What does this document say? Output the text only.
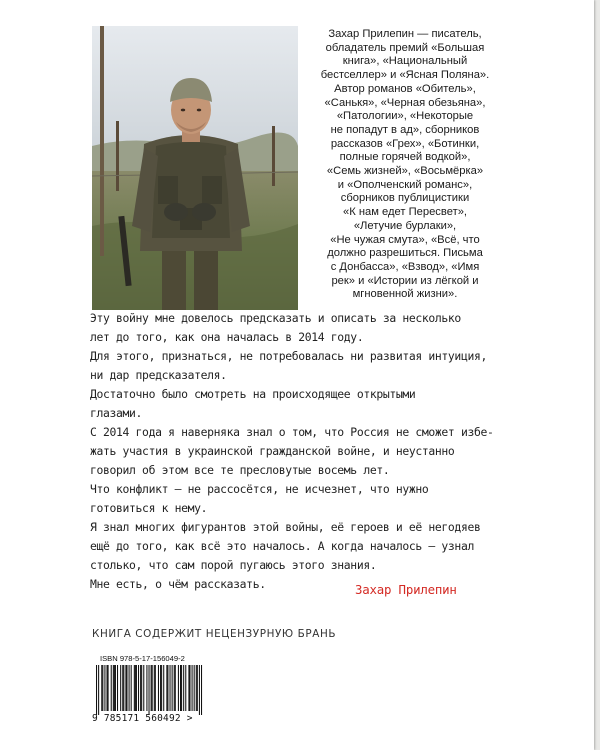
Захар Прилепин — писатель,
обладатель премий «Большая
книга», «Национальный
бестселлер» и «Ясная Поляна».
Автор романов «Обитель»,
«Санькя», «Черная обезьяна»,
«Патологии», «Некоторые
не попадут в ад», сборников
рассказов «Грех», «Ботинки,
полные горячей водкой»,
«Семь жизней», «Восьмёрка»
и «Ополченский романс»,
сборников публицистики
«К нам едет Пересвет»,
«Летучие бурлаки»,
«Не чужая смута», «Всё, что
должно разрешиться. Письма
с Донбасса», «Взвод», «Имя
рек» и «Истории из лёгкой и
мгновенной жизни».
Эту войну мне довелось предсказать и описать за несколько
лет до того, как она началась в 2014 году.
Для этого, признаться, не потребовалась ни развитая интуиция,
ни дар предсказателя.
Достаточно было смотреть на происходящее открытыми
глазами.
С 2014 года я наверняка знал о том, что Россия не сможет избе-
жать участия в украинской гражданской войне, и неустанно
говорил об этом все те пресловутые восемь лет.
Что конфликт — не рассосётся, не исчезнет, что нужно
готовиться к нему.
Я знал многих фигурантов этой войны, её героев и её негодяев
ещё до того, как всё это началось. А когда началось — узнал
столько, что сам порой пугаюсь этого знания.
Мне есть, о чём рассказать.	Захар Прилепин
КНИГА СОДЕРЖИТ НЕЦЕНЗУРНУЮ БРАНЬ
ISBN 978-5-17-156049-2
9 785171 560492 >
